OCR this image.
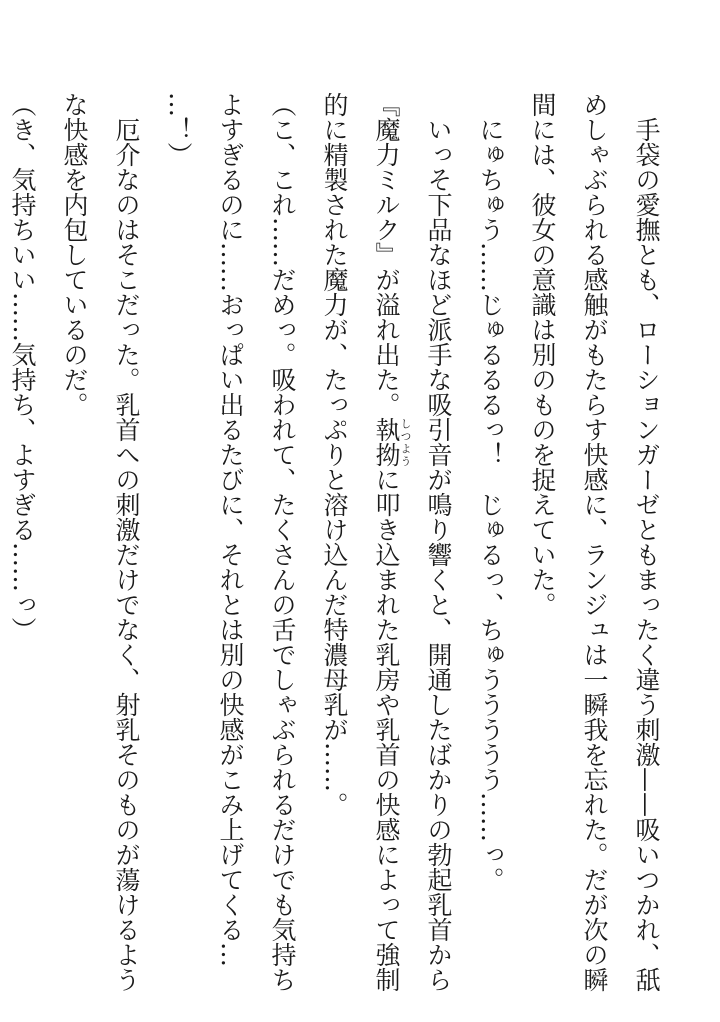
　手袋の愛撫とも、ローションガーゼともまったく違う刺激——吸いつかれ、舐
めしゃぶられる感触がもたらす快感に、ランジュは一瞬我を忘れた。だが次の瞬
間には、彼女の意識は別のものを捉えていた。
　にゅちゅう……じゅるるるっ！　じゅるっ、ちゅううううう……っ。
　いっそ下品なほど派手な吸引音が鳴り響くと、開通したばかりの勃起乳首から
『魔力ミルク』が溢れ出た。執拗しつように叩き込まれた乳房や乳首の快感によって強制
的に精製された魔力が、たっぷりと溶け込んだ特濃母乳が……。
（こ、これ……だめっ。吸われて、たくさんの舌でしゃぶられるだけでも気持ち
よすぎるのに……おっぱい出るたびに、それとは別の快感がこみ上げてくる…
…！）
　厄介なのはそこだった。乳首への刺激だけでなく、射乳そのものが蕩けるよう
な快感を内包しているのだ。
（き、気持ちいい……気持ち、よすぎる……っ）
